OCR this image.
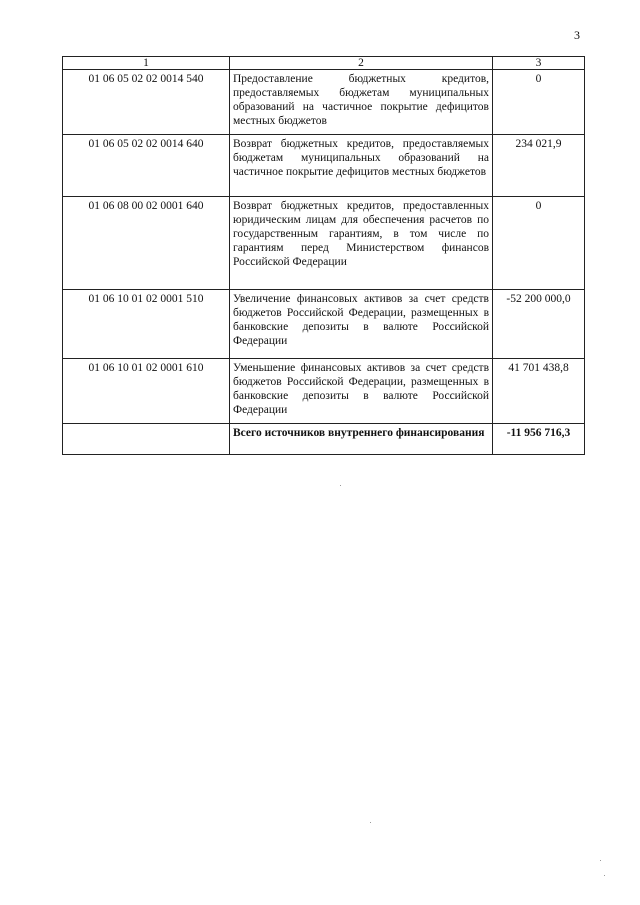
3
1	2	3
01 06 05 02 02 0014 540	Предоставление бюджетных кредитов, предоставляемых бюджетам муниципальных образований на частичное покрытие дефицитов местных бюджетов	0
01 06 05 02 02 0014 640	Возврат бюджетных кредитов, предоставляемых бюджетам муниципальных образований на частичное покрытие дефицитов местных бюджетов	234 021,9
01 06 08 00 02 0001 640	Возврат бюджетных кредитов, предоставленных юридическим лицам для обеспечения расчетов по государственным гарантиям, в том числе по гарантиям перед Министерством финансов Российской Федерации	0
01 06 10 01 02 0001 510	Увеличение финансовых активов за счет средств бюджетов Российской Федерации, размещенных в банковские депозиты в валюте Российской Федерации	-52 200 000,0
01 06 10 01 02 0001 610	Уменьшение финансовых активов за счет средств бюджетов Российской Федерации, размещенных в банковские депозиты в валюте Российской Федерации	41 701 438,8
	Всего источников внутреннего финансирования	-11 956 716,3
